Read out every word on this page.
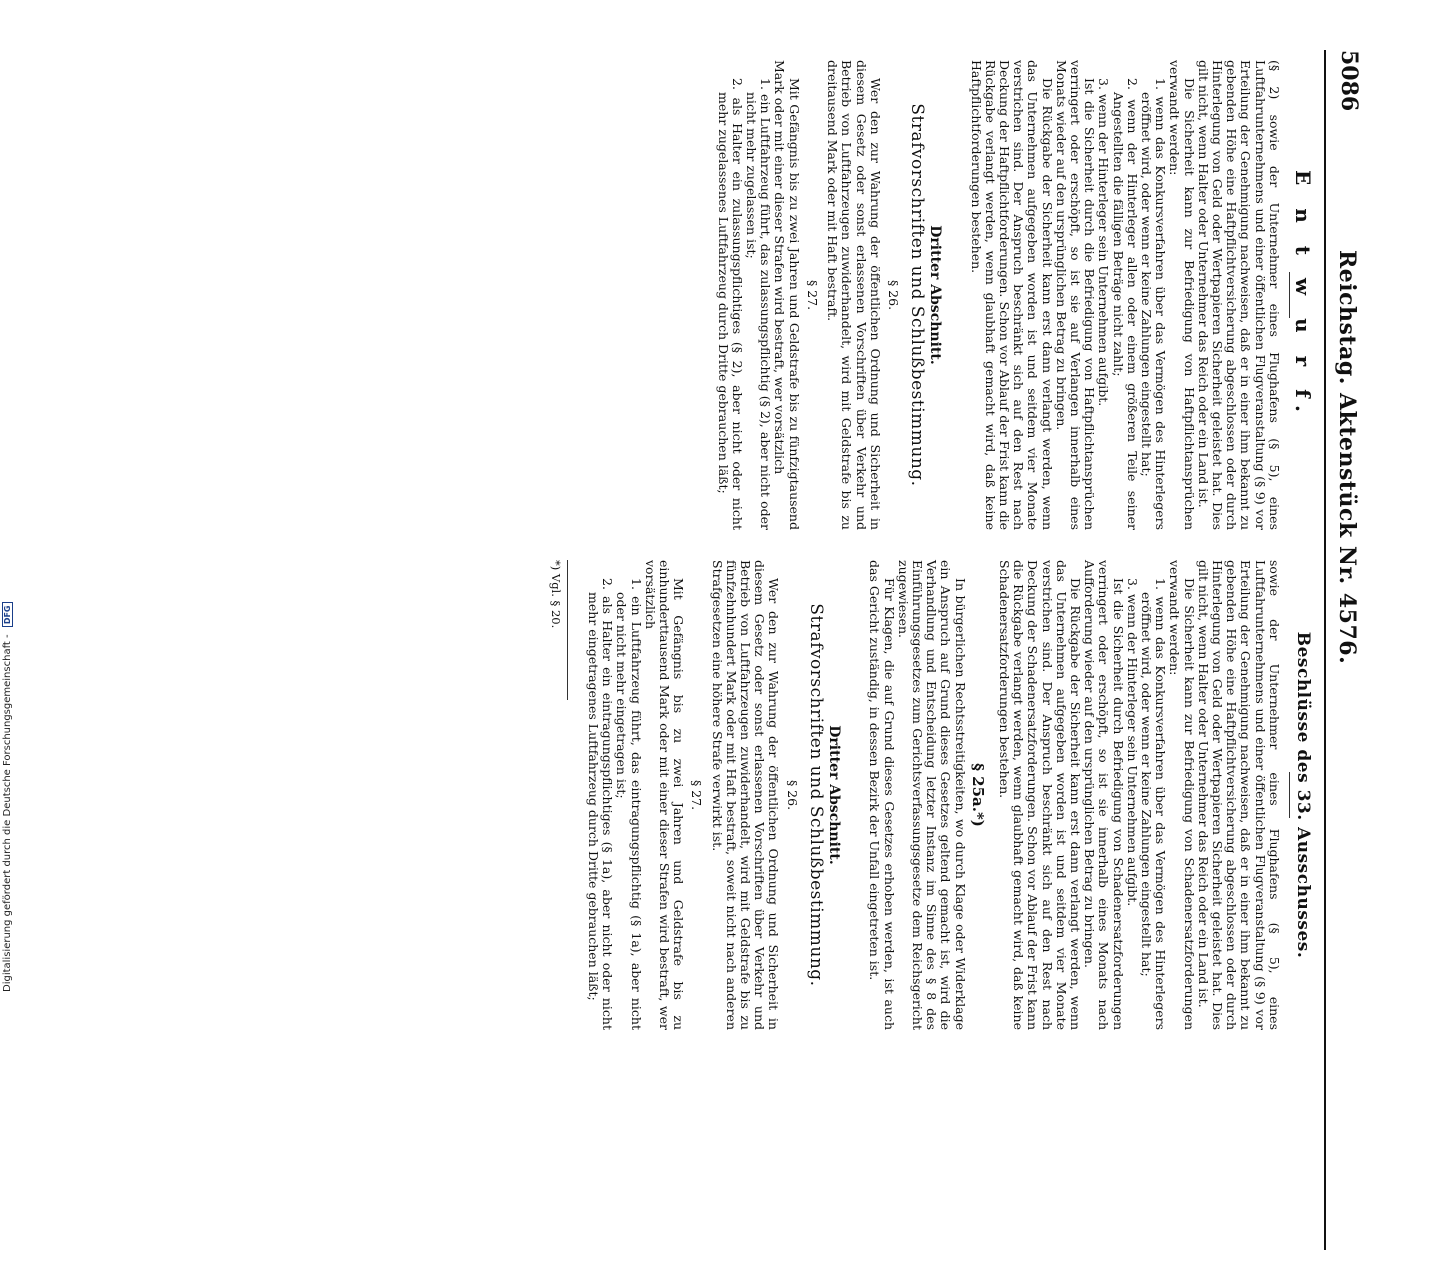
5086
Reichstag. Aktenstück Nr. 4576.
E n t w u r f.

(§ 2) sowie der Unternehmer eines Flughafens (§ 5), eines Luftfahrunternehmens und einer öffentlichen Flugveranstaltung (§ 9) vor Erteilung der Genehmigung nachweisen, daß er in einer ihm bekannt zu gebenden Höhe eine Haftpflichtversicherung abgeschlossen oder durch Hinterlegung von Geld oder Wertpapieren Sicherheit geleistet hat. Dies gilt nicht, wenn Halter oder Unternehmer das Reich oder ein Land ist.

Die Sicherheit kann zur Befriedigung von Haftpflichtansprüchen verwandt werden:

1. wenn das Konkursverfahren über das Vermögen des Hinterlegers eröffnet wird, oder wenn er keine Zahlungen eingestellt hat;
2. wenn der Hinterleger allen oder einem größeren Teile seiner Angestellten die fälligen Beträge nicht zahlt;
3. wenn der Hinterleger sein Unternehmen aufgibt.

Ist die Sicherheit durch die Befriedigung von Haftpflichtansprüchen verringert oder erschöpft, so ist sie auf Verlangen innerhalb eines Monats wieder auf den ursprünglichen Betrag zu bringen.

Die Rückgabe der Sicherheit kann erst dann verlangt werden, wenn das Unternehmen aufgegeben worden ist und seitdem vier Monate verstrichen sind. Der Anspruch beschränkt sich auf den Rest nach Deckung der Haftpflichtforderungen. Schon vor Ablauf der Frist kann die Rückgabe verlangt werden, wenn glaubhaft gemacht wird, daß keine Haftpflichtforderungen bestehen.

Dritter Abschnitt.
Strafvorschriften und Schlußbestimmung.
§ 26.

Wer den zur Wahrung der öffentlichen Ordnung und Sicherheit in diesem Gesetz oder sonst erlassenen Vorschriften über Verkehr und Betrieb von Luftfahrzeugen zuwiderhandelt, wird mit Geldstrafe bis zu dreitausend Mark oder mit Haft bestraft.

§ 27.

Mit Gefängnis bis zu zwei Jahren und Geldstrafe bis zu fünfzigtausend Mark oder mit einer dieser Strafen wird bestraft, wer vorsätzlich

1. ein Luftfahrzeug führt, das zulassungspflichtig (§ 2), aber nicht oder nicht mehr zugelassen ist;
2. als Halter ein zulassungspflichtiges (§ 2), aber nicht oder nicht mehr zugelassenes Luftfahrzeug durch Dritte gebrauchen läßt;
Beschlüsse des 33. Ausschusses.

sowie der Unternehmer eines Flughafens (§ 5), eines Luftfahrunternehmens und einer öffentlichen Flugveranstaltung (§ 9) vor Erteilung der Genehmigung nachweisen, daß er in einer ihm bekannt zu gebenden Höhe eine Haftpflichtversicherung abgeschlossen oder durch Hinterlegung von Geld oder Wertpapieren Sicherheit geleistet hat. Dies gilt nicht, wenn Halter oder Unternehmer das Reich oder ein Land ist.

Die Sicherheit kann zur Befriedigung von Schadenersatzforderungen verwandt werden:

1. wenn das Konkursverfahren über das Vermögen des Hinterlegers eröffnet wird, oder wenn er keine Zahlungen eingestellt hat;
3. wenn der Hinterleger sein Unternehmen aufgibt.

Ist die Sicherheit durch Befriedigung von Schadenersatzforderungen verringert oder erschöpft, so ist sie innerhalb eines Monats nach Aufforderung wieder auf den ursprünglichen Betrag zu bringen.

Die Rückgabe der Sicherheit kann erst dann verlangt werden, wenn das Unternehmen aufgegeben worden ist und seitdem vier Monate verstrichen sind. Der Anspruch beschränkt sich auf den Rest nach Deckung der Schadenersatzforderungen. Schon vor Ablauf der Frist kann die Rückgabe verlangt werden, wenn glaubhaft gemacht wird, daß keine Schadenersatzforderungen bestehen.

§ 25a.*)

In bürgerlichen Rechtsstreitigkeiten, wo durch Klage oder Widerklage ein Anspruch auf Grund dieses Gesetzes geltend gemacht ist, wird die Verhandlung und Entscheidung letzter Instanz im Sinne des § 8 des Einführungsgesetzes zum Gerichtsverfassungsgesetze dem Reichsgericht zugewiesen.

Für Klagen, die auf Grund dieses Gesetzes erhoben werden, ist auch das Gericht zuständig, in dessen Bezirk der Unfall eingetreten ist.

Dritter Abschnitt.
Strafvorschriften und Schlußbestimmung.
§ 26.

Wer den zur Wahrung der öffentlichen Ordnung und Sicherheit in diesem Gesetz oder sonst erlassenen Vorschriften über Verkehr und Betrieb von Luftfahrzeugen zuwiderhandelt, wird mit Geldstrafe bis zu fünfzehnhundert Mark oder mit Haft bestraft, soweit nicht nach anderen Strafgesetzen eine höhere Strafe verwirkt ist.

§ 27.

Mit Gefängnis bis zu zwei Jahren und Geldstrafe bis zu einhunderttausend Mark oder mit einer dieser Strafen wird bestraft, wer vorsätzlich

1. ein Luftfahrzeug führt, das eintragungspflichtig (§ 1a), aber nicht oder nicht mehr eingetragen ist;
2. als Halter ein eintragungspflichtiges (§ 1a), aber nicht oder nicht mehr eingetragenes Luftfahrzeug durch Dritte gebrauchen läßt;

*) Vgl. § 20.

Digitalisierung gefördert durch die Deutsche Forschungsgemeinschaft - DFG
